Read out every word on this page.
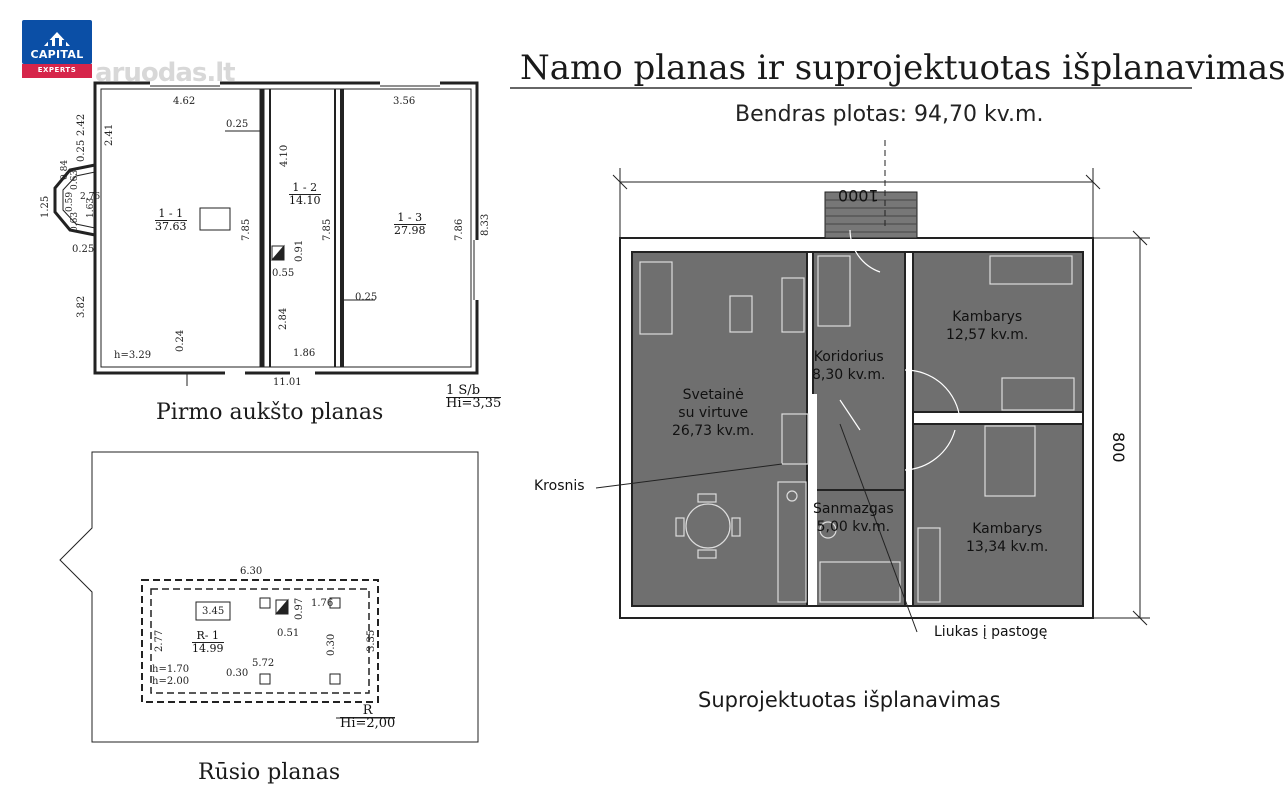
CAPITAL
EXPERTS aruodas.lt	Namo planas ir suprojektuotas išplanavimas
Bendras plotas: 94,70 kv.m.
4.62	3.56
0.25
4.10
7.85	7.85	7.86 8.33
0.91
0.55
2.84
0.25
0.24
1.86
11.01
2.42 2.41
0.25
1.25
3.82
0.25
h=3.29
0.84 0.63
2.76
0.59 1.63
0.63	1 - 1
37.63
1 - 2
14.10
1 - 3
27.98
1 S/b
Hi=3,35
Pirmo aukšto planas
6.30
3.45
1.76
0.97
0.51
2.77	3.35
5.72
0.30
0.30
h=1.70
h=2.00
R- 1
14.99
R
Hi=2,00
Rūsio planas
1000
800
Svetainė
su virtuve
26,73 kv.m.
Koridorius
8,30 kv.m.
Kambarys
12,57 kv.m.
Kambarys
13,34 kv.m.
Sanmazgas
5,00 kv.m.
Krosnis
Liukas į pastogę
Suprojektuotas išplanavimas
